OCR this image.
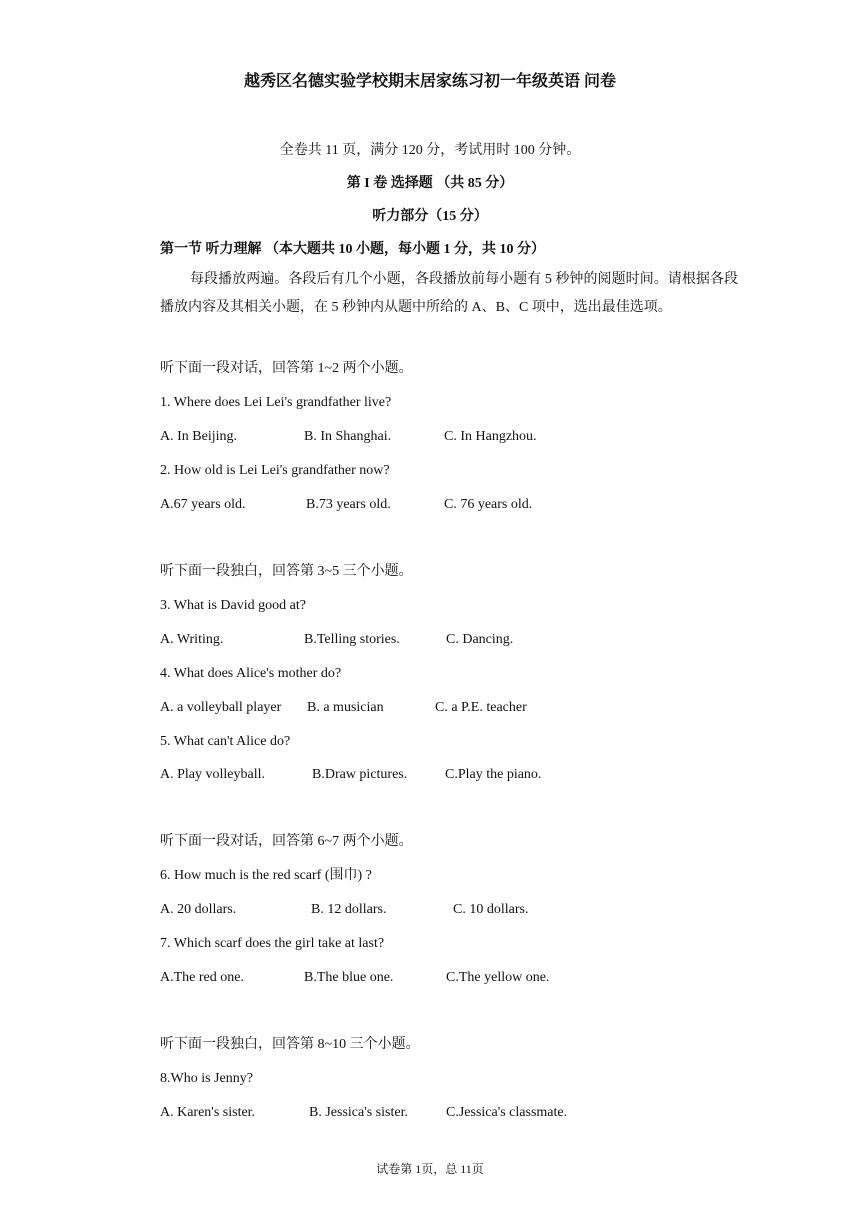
越秀区名德实验学校期末居家练习初一年级英语 问卷
全卷共 11 页，满分 120 分，考试用时 100 分钟。
第 I 卷 选择题 （共 85 分）
听力部分（15 分）
第一节 听力理解 （本大题共 10 小题，每小题 1 分，共 10 分）
每段播放两遍。各段后有几个小题，各段播放前每小题有 5 秒钟的阅题时间。请根据各段播放内容及其相关小题，在 5 秒钟内从题中所给的 A、B、C 项中，选出最佳选项。
听下面一段对话，回答第 1~2 两个小题。
1. Where does Lei Lei's grandfather live?
A. In Beijing.	B. In Shanghai.	C. In Hangzhou.
2. How old is Lei Lei's grandfather now?
A.67 years old.	B.73 years old.	C. 76 years old.
听下面一段独白，回答第 3~5 三个小题。
3. What is David good at?
A. Writing.	B.Telling stories.	C. Dancing.
4. What does Alice's mother do?
A. a volleyball player B. a musician	C. a P.E. teacher
5. What can't Alice do?
A. Play volleyball.	B.Draw pictures.	C.Play the piano.
听下面一段对话，回答第 6~7 两个小题。
6. How much is the red scarf (围巾) ?
A. 20 dollars.	B. 12 dollars.	C. 10 dollars.
7. Which scarf does the girl take at last?
A.The red one.	B.The blue one.	C.The yellow one.
听下面一段独白，回答第 8~10 三个小题。
8.Who is Jenny?
A. Karen's sister.	B. Jessica's sister.	C.Jessica's classmate.
试卷第 1页，总 11页
